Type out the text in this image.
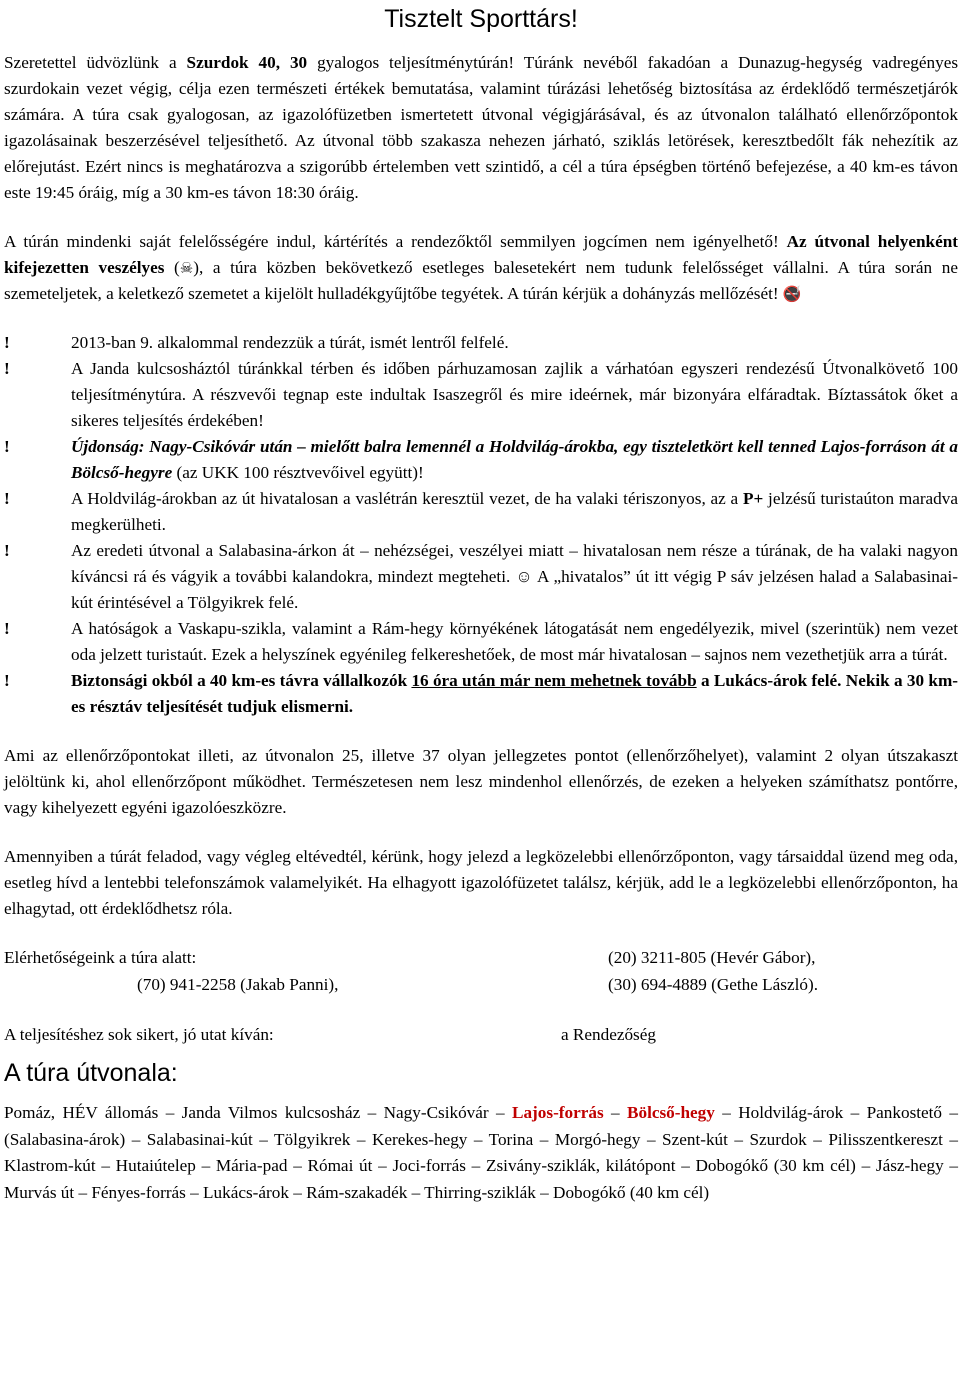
Tisztelt Sporttárs!

Szeretettel üdvözlünk a Szurdok 40, 30 gyalogos teljesítménytúrán! Túránk nevéből fakadóan a Dunazug-hegység vadregényes szurdokain vezet végig, célja ezen természeti értékek bemutatása, valamint túrázási lehetőség biztosítása az érdeklődő természetjárók számára. A túra csak gyalogosan, az igazolófüzetben ismertetett útvonal végigjárásával, és az útvonalon található ellenőrzőpontok igazolásainak beszerzésével teljesíthető. Az útvonal több szakasza nehezen járható, sziklás letörések, keresztbedőlt fák nehezítik az előrejutást. Ezért nincs is meghatározva a szigorúbb értelemben vett szintidő, a cél a túra épségben történő befejezése, a 40 km-es távon este 19:45 óráig, míg a 30 km-es távon 18:30 óráig.

A túrán mindenki saját felelősségére indul, kártérítés a rendezőktől semmilyen jogcímen nem igényelhető! Az útvonal helyenként kifejezetten veszélyes (☠), a túra közben bekövetkező esetleges balesetekért nem tudunk felelősséget vállalni. A túra során ne szemeteljetek, a keletkező szemetet a kijelölt hulladékgyűjtőbe tegyétek. A túrán kérjük a dohányzás mellőzését! 🚭

!	2013-ban 9. alkalommal rendezzük a túrát, ismét lentről felfelé.
!	A Janda kulcsosháztól túránkkal térben és időben párhuzamosan zajlik a várhatóan egyszeri rendezésű Útvonalkövető 100 teljesítménytúra. A részvevői tegnap este indultak Isaszegről és mire ideérnek, már bizonyára elfáradtak. Bíztassátok őket a sikeres teljesítés érdekében!
!	Újdonság: Nagy-Csikóvár után – mielőtt balra lemennél a Holdvilág-árokba, egy tiszteletkört kell tenned Lajos-forráson át a Bölcső-hegyre (az UKK 100 résztvevőivel együtt)!
!	A Holdvilág-árokban az út hivatalosan a vaslétrán keresztül vezet, de ha valaki tériszonyos, az a P+ jelzésű turistaúton maradva megkerülheti.
!	Az eredeti útvonal a Salabasina-árkon át – nehézségei, veszélyei miatt – hivatalosan nem része a túrának, de ha valaki nagyon kíváncsi rá és vágyik a további kalandokra, mindezt megteheti. ☺ A „hivatalos” út itt végig P sáv jelzésen halad a Salabasinai-kút érintésével a Tölgyikrek felé.
!	A hatóságok a Vaskapu-szikla, valamint a Rám-hegy környékének látogatását nem engedélyezik, mivel (szerintük) nem vezet oda jelzett turistaút. Ezek a helyszínek egyénileg felkereshetőek, de most már hivatalosan – sajnos nem vezethetjük arra a túrát.
!	Biztonsági okból a 40 km-es távra vállalkozók 16 óra után már nem mehetnek tovább a Lukács-árok felé. Nekik a 30 km-es résztáv teljesítését tudjuk elismerni.

Ami az ellenőrzőpontokat illeti, az útvonalon 25, illetve 37 olyan jellegzetes pontot (ellenőrzőhelyet), valamint 2 olyan útszakaszt jelöltünk ki, ahol ellenőrzőpont működhet. Természetesen nem lesz mindenhol ellenőrzés, de ezeken a helyeken számíthatsz pontőrre, vagy kihelyezett egyéni igazolóeszközre.

Amennyiben a túrát feladod, vagy végleg eltévedtél, kérünk, hogy jelezd a legközelebbi ellenőrzőponton, vagy társaiddal üzend meg oda, esetleg hívd a lentebbi telefonszámok valamelyikét. Ha elhagyott igazolófüzetet találsz, kérjük, add le a legközelebbi ellenőrzőponton, ha elhagytad, ott érdeklődhetsz róla.

Elérhetőségeink a túra alatt:	(20) 3211-805 (Hevér Gábor),
(70) 941-2258 (Jakab Panni),	(30) 694-4889 (Gethe László).
A teljesítéshez sok sikert, jó utat kíván:	a Rendezőség
A túra útvonala:

Pomáz, HÉV állomás – Janda Vilmos kulcsosház – Nagy-Csikóvár – Lajos-forrás – Bölcső-hegy – Holdvilág-árok – Pankostető – (Salabasina-árok) – Salabasinai-kút – Tölgyikrek – Kerekes-hegy – Torina – Morgó-hegy – Szent-kút – Szurdok – Pilisszentkereszt – Klastrom-kút – Hutaiútelep – Mária-pad – Római út – Joci-forrás – Zsivány-sziklák, kilátópont – Dobogókő (30 km cél) – Jász-hegy – Murvás út – Fényes-forrás – Lukács-árok – Rám-szakadék – Thirring-sziklák – Dobogókő (40 km cél)
